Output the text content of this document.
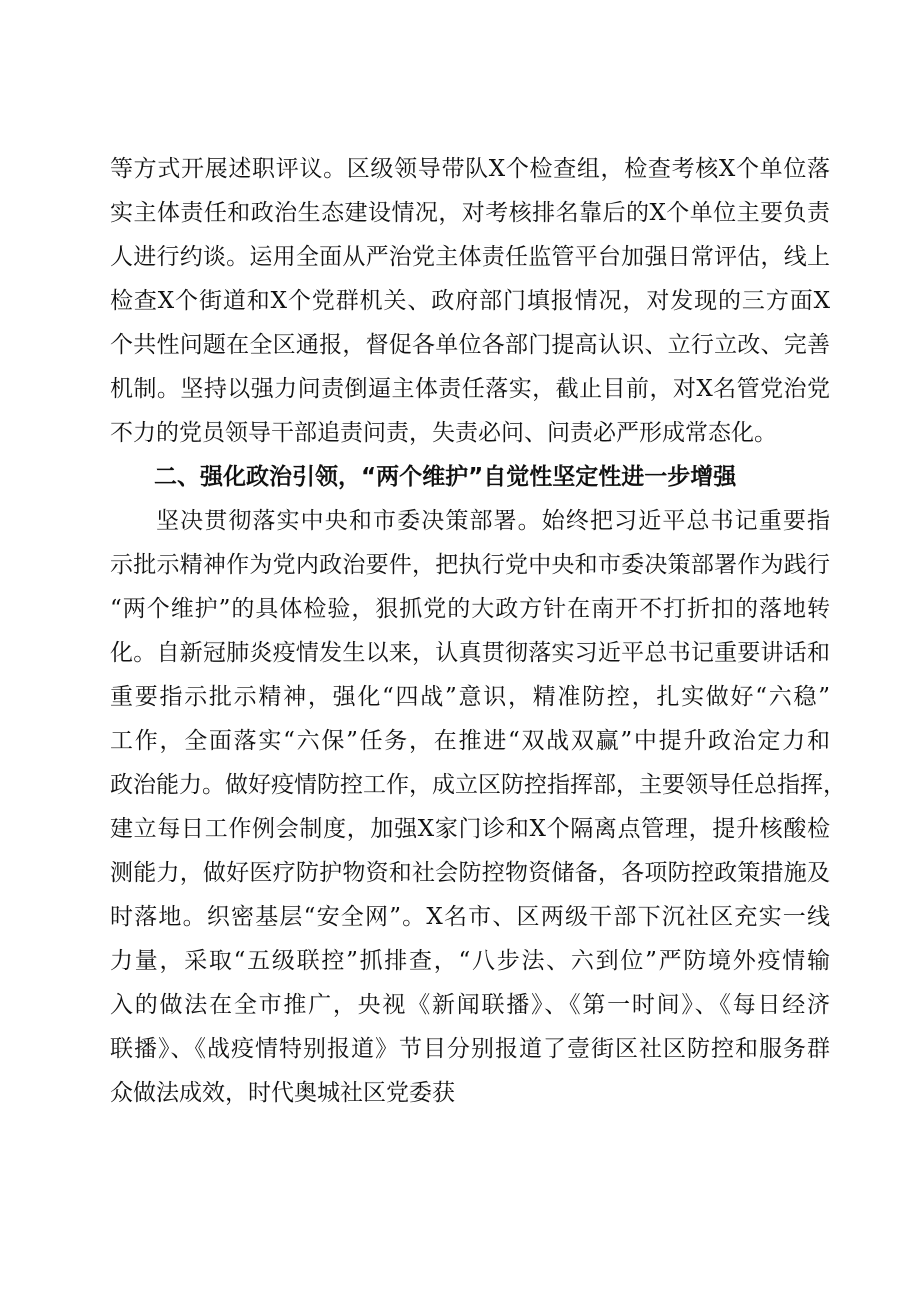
等方式开展述职评议。区级领导带队X个检查组，检查考核X个单位落
实主体责任和政治生态建设情况，对考核排名靠后的X个单位主要负责
人进行约谈。运用全面从严治党主体责任监管平台加强日常评估，线上
检查X个街道和X个党群机关、政府部门填报情况，对发现的三方面X
个共性问题在全区通报，督促各单位各部门提高认识、立行立改、完善
机制。坚持以强力问责倒逼主体责任落实，截止目前，对X名管党治党
不力的党员领导干部追责问责，失责必问、问责必严形成常态化。
二、强化政治引领，“两个维护”自觉性坚定性进一步增强
坚决贯彻落实中央和市委决策部署。始终把习近平总书记重要指
示批示精神作为党内政治要件，把执行党中央和市委决策部署作为践行
“两个维护”的具体检验，狠抓党的大政方针在南开不打折扣的落地转
化。自新冠肺炎疫情发生以来，认真贯彻落实习近平总书记重要讲话和
重要指示批示精神，强化“四战”意识，精准防控，扎实做好“六稳”
工作，全面落实“六保”任务，在推进“双战双赢”中提升政治定力和
政治能力。做好疫情防控工作，成立区防控指挥部，主要领导任总指挥，
建立每日工作例会制度，加强X家门诊和X个隔离点管理，提升核酸检
测能力，做好医疗防护物资和社会防控物资储备，各项防控政策措施及
时落地。织密基层“安全网”。X名市、区两级干部下沉社区充实一线
力量，采取“五级联控”抓排查，“八步法、六到位”严防境外疫情输
入的做法在全市推广，央视《新闻联播》、《第一时间》、《每日经济
联播》、《战疫情特别报道》节目分别报道了壹街区社区防控和服务群
众做法成效，时代奥城社区党委获
